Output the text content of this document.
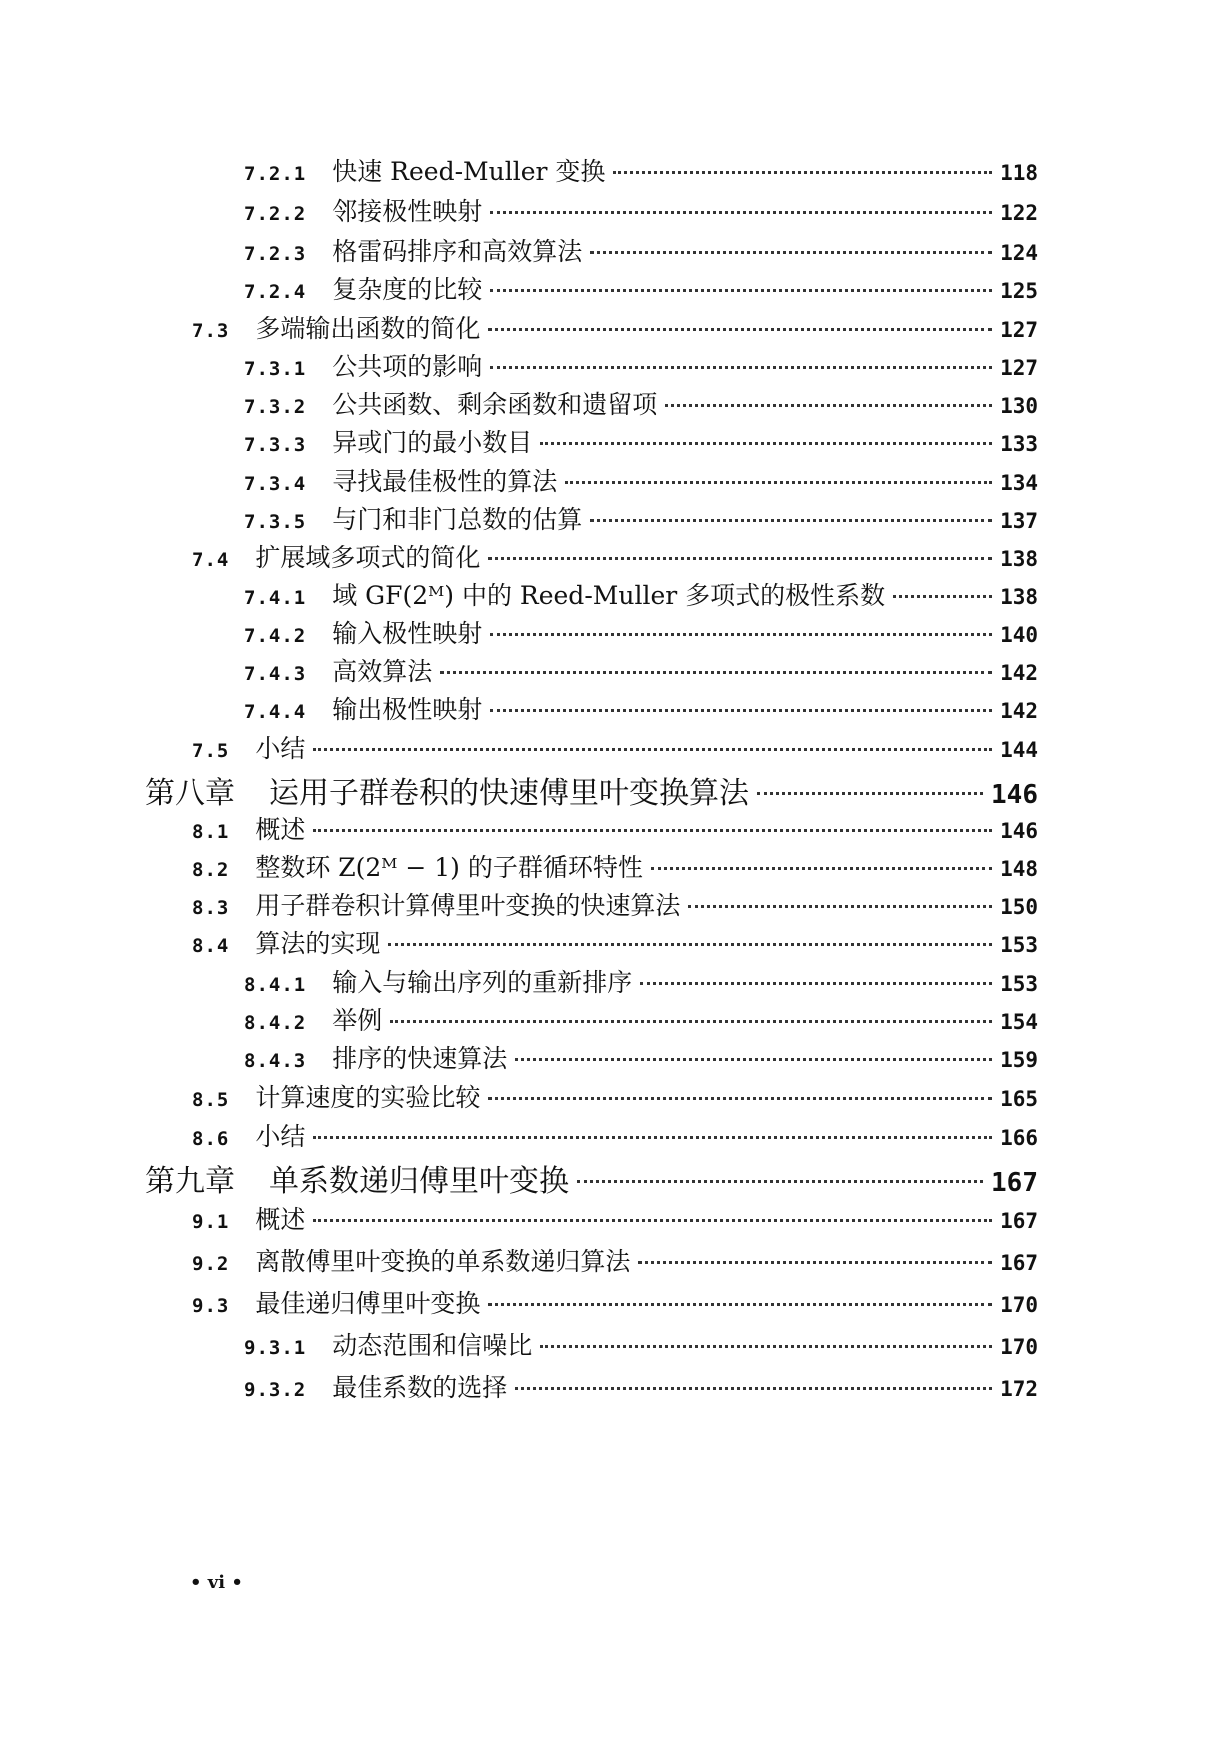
7.2.1 快速 Reed-Muller 变换	118
7.2.2 邻接极性映射	122
7.2.3 格雷码排序和高效算法	124
7.2.4 复杂度的比较	125
7.3 多端输出函数的简化	127
7.3.1 公共项的影响	127
7.3.2 公共函数、剩余函数和遗留项	130
7.3.3 异或门的最小数目	133
7.3.4 寻找最佳极性的算法	134
7.3.5 与门和非门总数的估算	137
7.4 扩展域多项式的简化	138
7.4.1 域 GF(2ᴹ) 中的 Reed-Muller 多项式的极性系数	138
7.4.2 输入极性映射	140
7.4.3 高效算法	142
7.4.4 输出极性映射	142
7.5 小结	144
第八章 运用子群卷积的快速傅里叶变换算法	146
8.1 概述	146
8.2 整数环 Z(2ᴹ − 1) 的子群循环特性	148
8.3 用子群卷积计算傅里叶变换的快速算法	150
8.4 算法的实现	153
8.4.1 输入与输出序列的重新排序	153
8.4.2 举例	154
8.4.3 排序的快速算法	159
8.5 计算速度的实验比较	165
8.6 小结	166
第九章 单系数递归傅里叶变换	167
9.1 概述	167
9.2 离散傅里叶变换的单系数递归算法	167
9.3 最佳递归傅里叶变换	170
9.3.1 动态范围和信噪比	170
9.3.2 最佳系数的选择	172
• vi •
